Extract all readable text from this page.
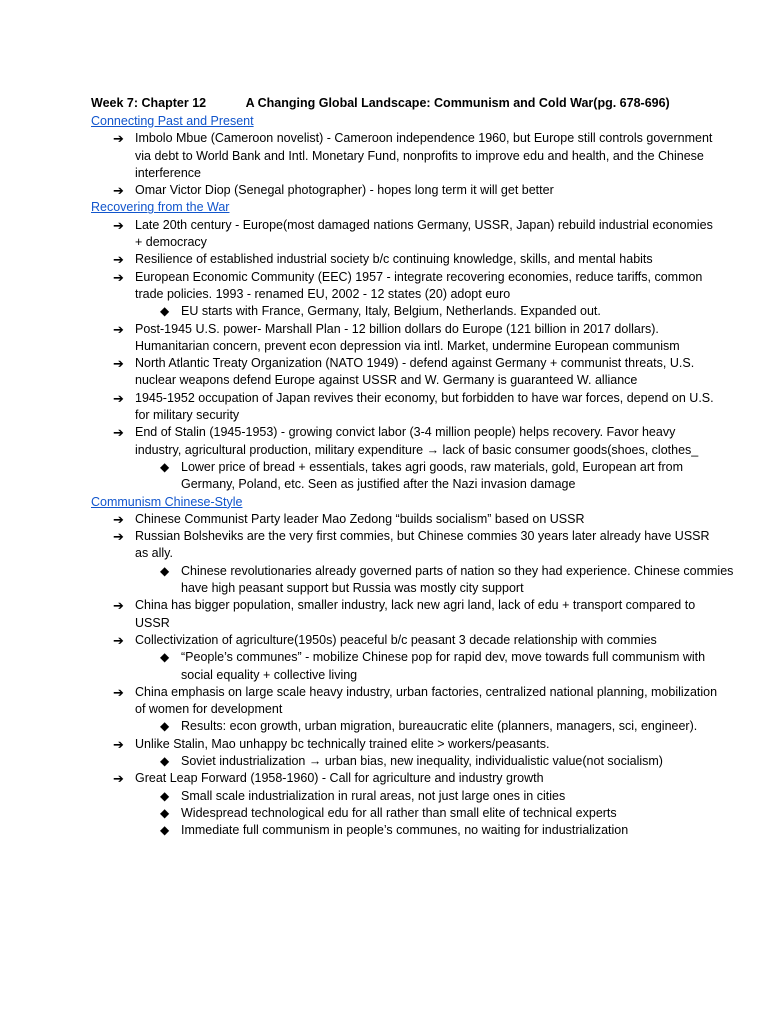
Week 7: Chapter 12	A Changing Global Landscape: Communism and Cold War(pg. 678-696)
Connecting Past and Present
➔ Imbolo Mbue (Cameroon novelist) - Cameroon independence 1960, but Europe still controls government via debt to World Bank and Intl. Monetary Fund, nonprofits to improve edu and health, and the Chinese interference
➔ Omar Victor Diop (Senegal photographer) - hopes long term it will get better
Recovering from the War
➔ Late 20th century - Europe(most damaged nations Germany, USSR, Japan) rebuild industrial economies + democracy
➔ Resilience of established industrial society b/c continuing knowledge, skills, and mental habits
➔ European Economic Community (EEC) 1957 - integrate recovering economies, reduce tariffs, common trade policies. 1993 - renamed EU, 2002 - 12 states (20) adopt euro
◆ EU starts with France, Germany, Italy, Belgium, Netherlands. Expanded out.
➔ Post-1945 U.S. power- Marshall Plan - 12 billion dollars do Europe (121 billion in 2017 dollars). Humanitarian concern, prevent econ depression via intl. Market, undermine European communism
➔ North Atlantic Treaty Organization (NATO 1949) - defend against Germany + communist threats, U.S. nuclear weapons defend Europe against USSR and W. Germany is guaranteed W. alliance
➔ 1945-1952 occupation of Japan revives their economy, but forbidden to have war forces, depend on U.S. for military security
➔ End of Stalin (1945-1953) - growing convict labor (3-4 million people) helps recovery. Favor heavy industry, agricultural production, military expenditure → lack of basic consumer goods(shoes, clothes_
◆ Lower price of bread + essentials, takes agri goods, raw materials, gold, European art from Germany, Poland, etc. Seen as justified after the Nazi invasion damage
Communism Chinese-Style
➔ Chinese Communist Party leader Mao Zedong “builds socialism” based on USSR
➔ Russian Bolsheviks are the very first commies, but Chinese commies 30 years later already have USSR as ally.
◆ Chinese revolutionaries already governed parts of nation so they had experience. Chinese commies have high peasant support but Russia was mostly city support
➔ China has bigger population, smaller industry, lack new agri land, lack of edu + transport compared to USSR
➔ Collectivization of agriculture(1950s) peaceful b/c peasant 3 decade relationship with commies
◆ “People’s communes” - mobilize Chinese pop for rapid dev, move towards full communism with social equality + collective living
➔ China emphasis on large scale heavy industry, urban factories, centralized national planning, mobilization of women for development
◆ Results: econ growth, urban migration, bureaucratic elite (planners, managers, sci, engineer).
➔ Unlike Stalin, Mao unhappy bc technically trained elite > workers/peasants.
◆ Soviet industrialization → urban bias, new inequality, individualistic value(not socialism)
➔ Great Leap Forward (1958-1960) - Call for agriculture and industry growth
◆ Small scale industrialization in rural areas, not just large ones in cities
◆ Widespread technological edu for all rather than small elite of technical experts
◆ Immediate full communism in people’s communes, no waiting for industrialization
